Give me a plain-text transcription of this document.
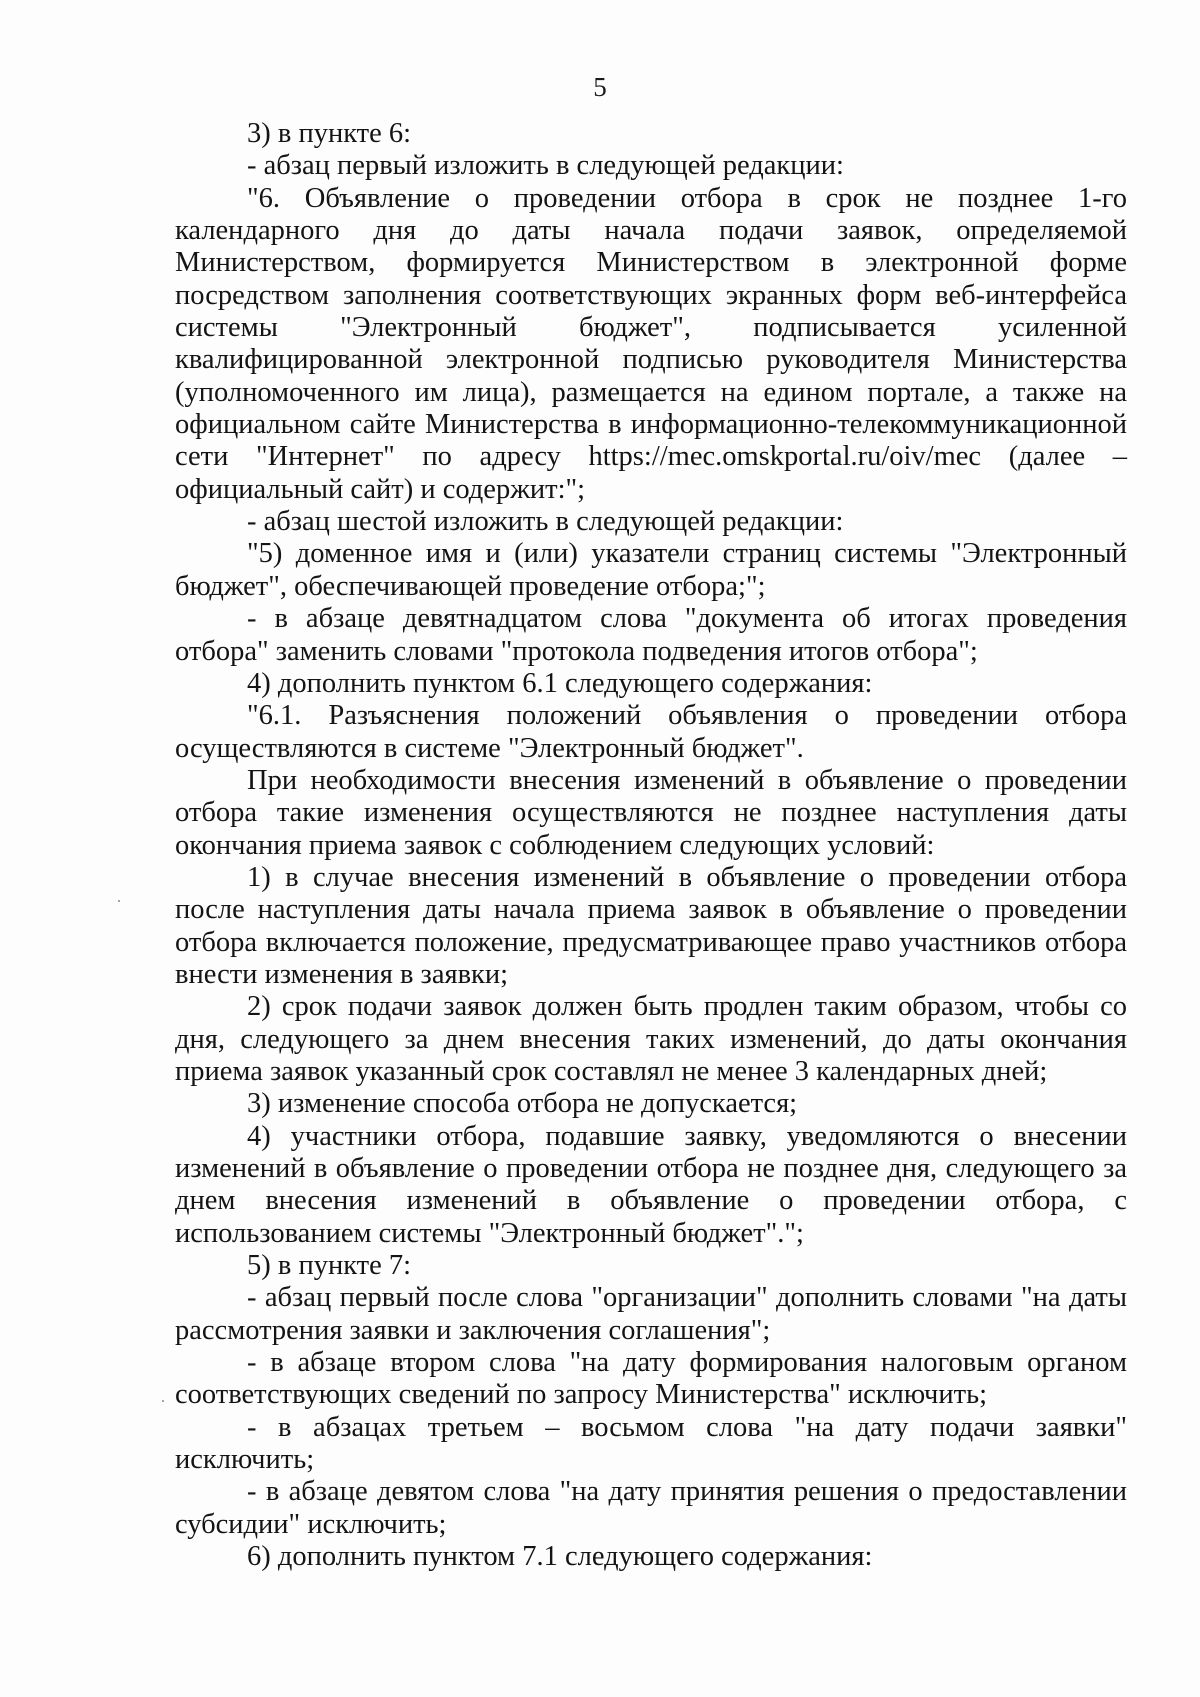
5

3) в пункте 6:

- абзац первый изложить в следующей редакции:

"6. Объявление о проведении отбора в срок не позднее 1-го календарного дня до даты начала подачи заявок, определяемой Министерством, формируется Министерством в электронной форме посредством заполнения соответствующих экранных форм веб-интерфейса системы "Электронный бюджет", подписывается усиленной квалифицированной электронной подписью руководителя Министерства (уполномоченного им лица), размещается на едином портале, а также на официальном сайте Министерства в информационно-телекоммуникационной сети "Интернет" по адресу https://mec.omskportal.ru/oiv/mec (далее – официальный сайт) и содержит:";

- абзац шестой изложить в следующей редакции:

"5) доменное имя и (или) указатели страниц системы "Электронный бюджет", обеспечивающей проведение отбора;";

- в абзаце девятнадцатом слова "документа об итогах проведения отбора" заменить словами "протокола подведения итогов отбора";

4) дополнить пунктом 6.1 следующего содержания:

"6.1. Разъяснения положений объявления о проведении отбора осуществляются в системе "Электронный бюджет".

При необходимости внесения изменений в объявление о проведении отбора такие изменения осуществляются не позднее наступления даты окончания приема заявок с соблюдением следующих условий:

1) в случае внесения изменений в объявление о проведении отбора после наступления даты начала приема заявок в объявление о проведении отбора включается положение, предусматривающее право участников отбора внести изменения в заявки;

2) срок подачи заявок должен быть продлен таким образом, чтобы со дня, следующего за днем внесения таких изменений, до даты окончания приема заявок указанный срок составлял не менее 3 календарных дней;

3) изменение способа отбора не допускается;

4) участники отбора, подавшие заявку, уведомляются о внесении изменений в объявление о проведении отбора не позднее дня, следующего за днем внесения изменений в объявление о проведении отбора, с использованием системы "Электронный бюджет".";

5) в пункте 7:

- абзац первый после слова "организации" дополнить словами "на даты рассмотрения заявки и заключения соглашения";

- в абзаце втором слова "на дату формирования налоговым органом соответствующих сведений по запросу Министерства" исключить;

- в абзацах третьем – восьмом слова "на дату подачи заявки" исключить;

- в абзаце девятом слова "на дату принятия решения о предоставлении субсидии" исключить;

6) дополнить пунктом 7.1 следующего содержания:
